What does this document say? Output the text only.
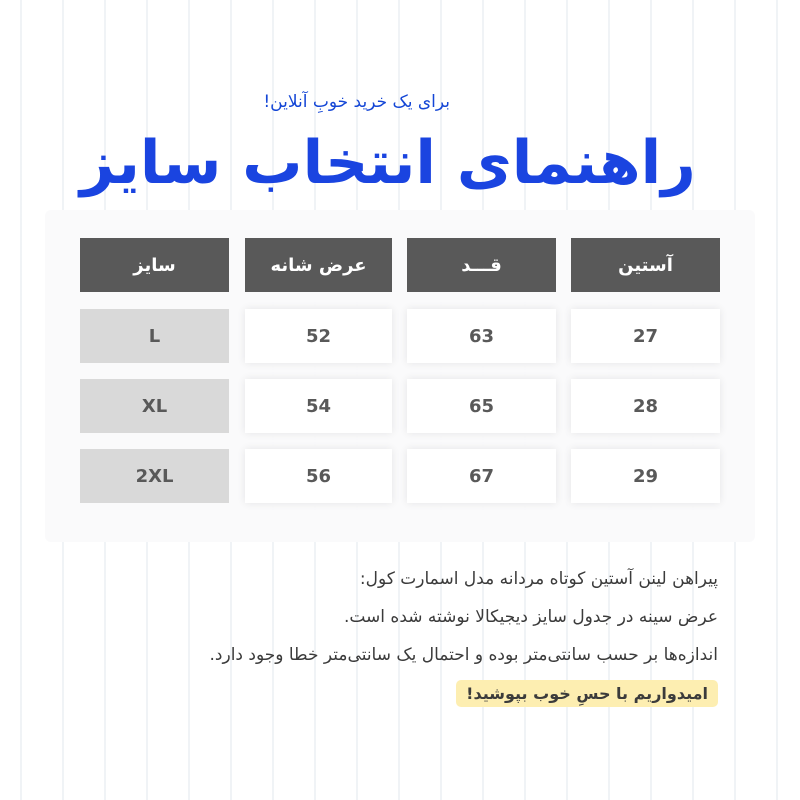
برای یک خرید خوبِ آنلاین!
راهنمای انتخاب سایز
سایز	عرض شانه	قـــد	آستین
L	52	63	27
XL	54	65	28
2XL	56	67	29
پیراهن لینن آستین کوتاه مردانه مدل اسمارت کول:
عرض سینه در جدول سایز دیجیکالا نوشته شده است.
اندازه‌ها بر حسب سانتی‌متر بوده و احتمال یک سانتی‌متر خطا وجود دارد.
امیدواریم با حسِ خوب بپوشید!
